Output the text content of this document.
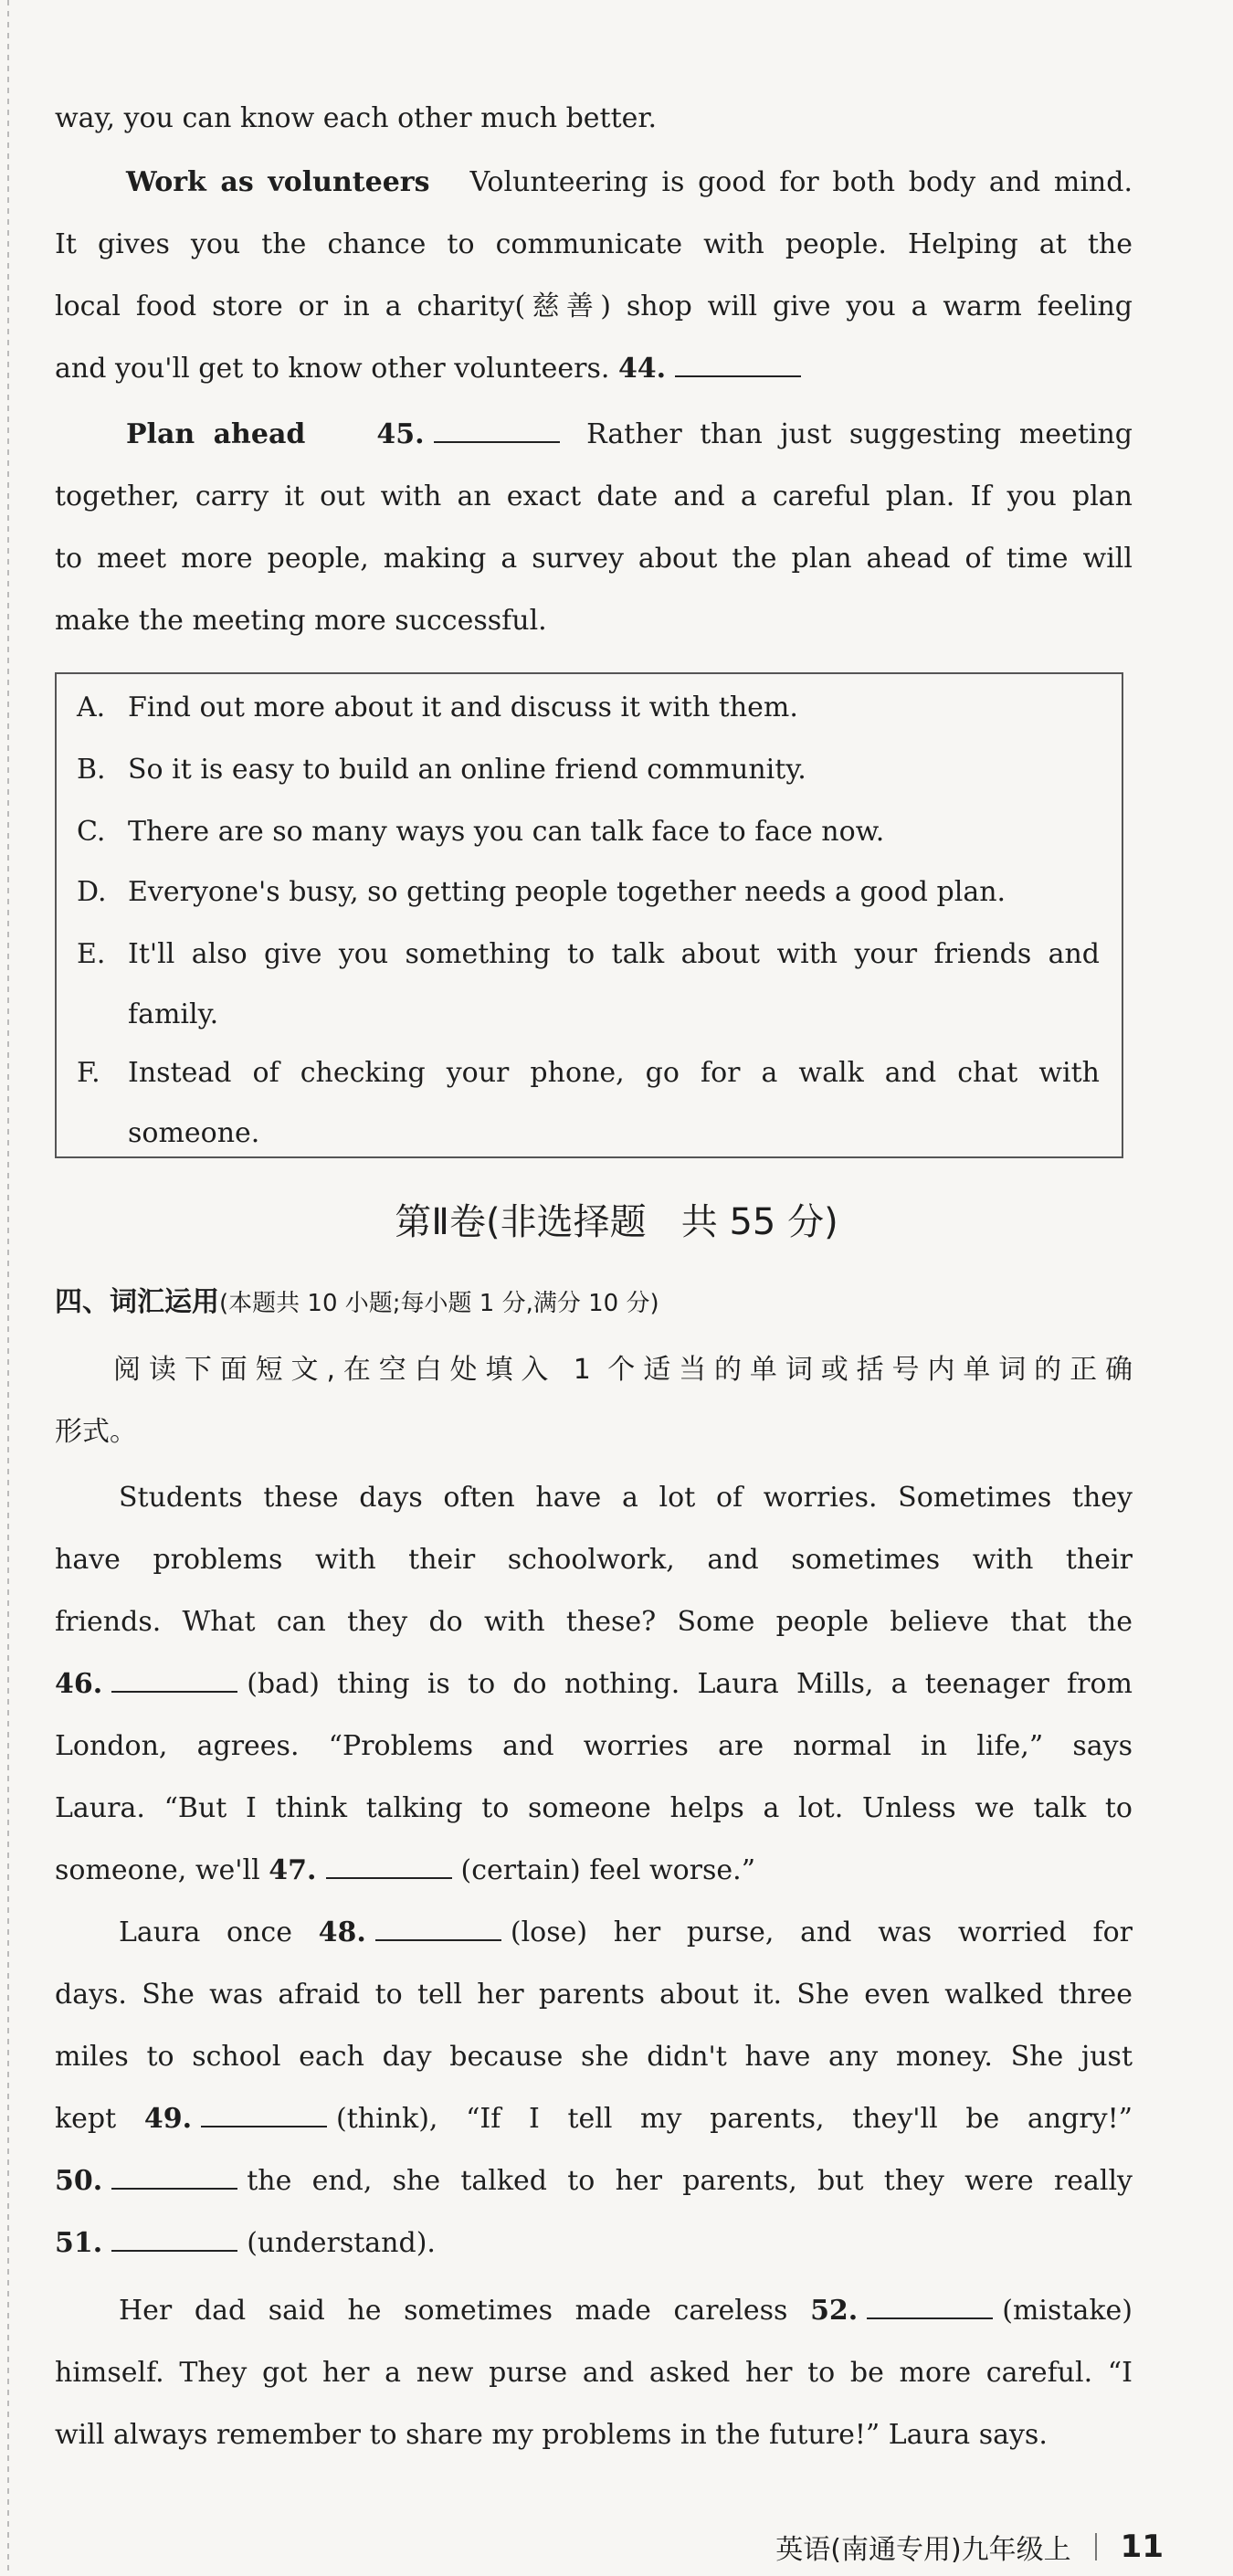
way, you can know each other much better.

Work as volunteers Volunteering is good for both body and mind.
It gives you the chance to communicate with people. Helping at the
local food store or in a charity(慈善) shop will give you a warm feeling
and you'll get to know other volunteers. 44.

Plan ahead	45.	Rather than just suggesting meeting
together, carry it out with an exact date and a careful plan. If you plan
to meet more people, making a survey about the plan ahead of time will
make the meeting more successful.

A. Find out more about it and discuss it with them.
B. So it is easy to build an online friend community.
C. There are so many ways you can talk face to face now.
D. Everyone's busy, so getting people together needs a good plan.
E. It'll also give you something to talk about with your friends and
family.
F. Instead of checking your phone, go for a walk and chat with
someone.
第Ⅱ卷(非选择题 共 55 分)
四、词汇运用(本题共 10 小题;每小题 1 分,满分 10 分)
阅读下面短文,在空白处填入 1 个适当的单词或括号内单词的正确
形式。

Students these days often have a lot of worries. Sometimes they
have problems with their schoolwork, and sometimes with their
friends. What can they do with these? Some people believe that the
46.	(bad) thing is to do nothing. Laura Mills, a teenager from
London, agrees. “Problems and worries are normal in life,” says
Laura. “But I think talking to someone helps a lot. Unless we talk to
someone, we'll 47.	(certain) feel worse.”

Laura once 48.	(lose) her purse, and was worried for
days. She was afraid to tell her parents about it. She even walked three
miles to school each day because she didn't have any money. She just
kept 49.	(think), “If I tell my parents, they'll be angry!”
50.	the end, she talked to her parents, but they were really
51.	(understand).

Her dad said he sometimes made careless 52.	(mistake)
himself. They got her a new purse and asked her to be more careful. “I
will always remember to share my problems in the future!” Laura says.

英语(南通专用)九年级上 11
